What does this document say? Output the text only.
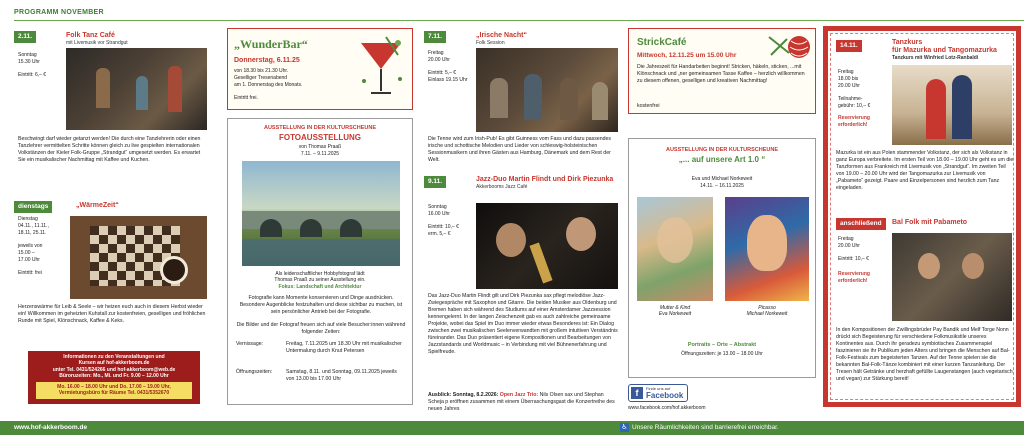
PROGRAMM NOVEMBER
2.11.	Folk Tanz Café
mit Livemusik vor Strandgut
Sonntag
15.30 Uhr

Eintritt: 6,– €
Beschwingt darf wieder getanzt werden! Die durch eine Tanzlehrerin oder einen Tanzlehrer vermittelten Schritte können gleich zu live gespielten internationalen Volkstänzen der Kieler Folk-Gruppe „Strandgut“ umgesetzt werden. Es erwartet Sie ein musikalischer Nachmittag mit Kaffee und Kuchen.
dienstags	„WärmeZeit“
Dienstag
04.11., 11.11.,
18.11, 25.11.

jeweils von
15.00 –
17.00 Uhr

Eintritt: frei
Herzenswärme für Leib & Seele – wir heizen euch auch in diesem Herbst wieder ein! Willkommen im geheizten Kuhstall zur kostenfreien, geselligen und fröhlichen Runde mit Spiel, Klönschnack, Kaffee & Keks.
Informationen zu den Veranstaltungen und
Kursen auf hof-akkerboom.de
unter Tel. 0431/524266 und hof-akkerboom@web.de
Büroruzeiten: Mo., Mi. und Fr. 9.00 – 12.00 Uhr
Mo. 16.00 – 18.00 Uhr und Do. 17.00 – 19.00 Uhr,
Vermietungsbüro für Räume Tel. 0431/5352670
„WunderBar“
Donnerstag, 6.11.25
von 18.30 bis 21.30 Uhr.
Geselliger Tresenabend
am 1. Donnerstag des Monats.

Eintritt frei.
AUSSTELLUNG IN DER KULTURSCHEUNE
FOTOAUSSTELLUNG
von Thomas Praaß
7.11. – 9.11.2025
Als leidenschaftlicher Hobbyfotograf lädt
Thomas Praaß zu seiner Ausstellung ein.
Fokus: Landschaft und Architektur
Fotografie kann Momente konservieren und Dinge ausdrücken. Besondere Augenblicke festzuhalten und diese sichtbar zu machen, ist sein persönlicher Antrieb bei der Fotografie.
Die Bilder und der Fotograf freuen sich auf viele Besucher:innen während folgender Zeiten:
Vernissage:	Freitag, 7.11.2025 um 18.30 Uhr mit musikalischer Untermalung durch Knut Petersen
Öffnungszeiten:	Samstag, 8.11. und Sonntag, 09.11.2025 jeweils von 13.00 bis 17.00 Uhr
7.11.	„Irische Nacht“
Folk Session
Freitag
20.00 Uhr

Eintritt: 5,– €
Einlass 19.15 Uhr
Die Tenne wird zum Irish-Pub! Es gibt Guinness vom Fass und dazu passendes irische und schottische Melodien und Lieder von schleswig-holsteinischen Sessionmusikern und ihren Gästen aus Hamburg, Dänemark und dem Rest der Welt.
9.11.	Jazz-Duo Martin Flindt und Dirk Piezunka
Akkerbooms Jazz Café
Sonntag
16.00 Uhr

Eintritt: 10,– €
erm. 5,– €
Das Jazz-Duo Martin Flindt gilt und Dirk Piezunka sax pflegt melodiöse Jazz-Zwiegespräche mit Saxophon und Gitarre. Die beiden Musiker aus Oldenburg und Bremen haben sich während des Studiums auf einer Amsterdamer Jazzsession kennengelernt. In der langen Zeischenzeit gab es auch zahlreiche gemeinsame Projekte, wobei das Spiel im Duo immer wieder etwas Besonderes ist: Ein Dialog zwischen zwei musikalischen Seelenverwandten mit großem intuitiven Verständnis füreinander. Das Duo präsentiert eigene Kompositionen und Bearbeitungen von Jazzstandards und Worldmusic – in Verbindung mit viel Bühnenerfahrung und Spielfreude.
Ausblick: Sonntag, 8.2.2026: Open Jazz Trio: Nils Olsen sax und Stephan Scheja p eröffnen zusammen mit einem Überraschungsgast die Konzertreihe des neuen Jahres
StrickCafé
Mittwoch, 12.11.25 um 15.00 Uhr
Die Jahreszeit für Handarbeiten beginnt! Stricken, häkeln, sticken, ...mit Klönschnack und „ner gemeinsamen Tasse Kaffee – herzlich willkommen zu diesem offenen, geselligen und kreativen Nachmittag!
kostenfrei
AUSSTELLUNG IN DER KULTURSCHEUNE
„... auf unsere Art 1.0 “
Eva und Michael Norkeweit
14.11. – 16.11.2025
Mutter & Kind
Eva Norkeweit
Picasso
Michael Norkeweit
Portraits – Orte – Abstrakt
Öffnungszeiten: je 13.00 – 18.00 Uhr
f	Finde uns auf
Facebook
www.facebook.com/hof.akkerboom
14.11.	Tanzkurs
für Mazurka und Tangomazurka
Tanzkurs mit Winfried Lotz-Ranbaldi
Freitag
18.00 bis
20.00 Uhr

Teilnahme-
gebühr: 10,– €
Reservierung
erforderlich!
Mazurka ist ein aus Polen stammender Volkstanz, der sich als Volkstanz in ganz Europa verbreitete. Im ersten Teil von 18.00 – 19.00 Uhr geht es um die Tanzformen aus Frankreich mit Livemusik von „Strandgut“. Im zweiten Teil von 19.00 – 20.00 Uhr wird der Tangomazurka zur Livemusik von „Pabameto“ gezeigt. Paare und Einzelpersonen sind herzlich zum Tanz eingeladen.
anschließend	Bal Folk mit Pabameto
Freitag
20.00 Uhr

Eintritt: 10,– €
Reservierung
erforderlich!
In den Kompositionen der Zwillingsbrüder Pay Bandik und Melf Torge Nonn drückt sich Begeisterung für verschiedene Folkmusikstile unseres Kontinentes aus. Durch ihr geradezu symbiotisches Zusammenspiel faszinieren sie ihr Publikum jeden Alters und bringen die Menschen auf Bal-Folk-Festivals zum begeisterten Tanzen. Auf der Tenne spielen sie die bekannten Bal-Folk-Tänze kombiniert mit einer kurzen Tanzanleitung. Der Tresen hält Getränke und herzhaft gefüllte Laugenstangen (auch vegetarisch und vegan) zur Stärkung bereit!
www.hof-akkerboom.de	♿ Unsere Räumlichkeiten sind barrierefrei erreichbar.
